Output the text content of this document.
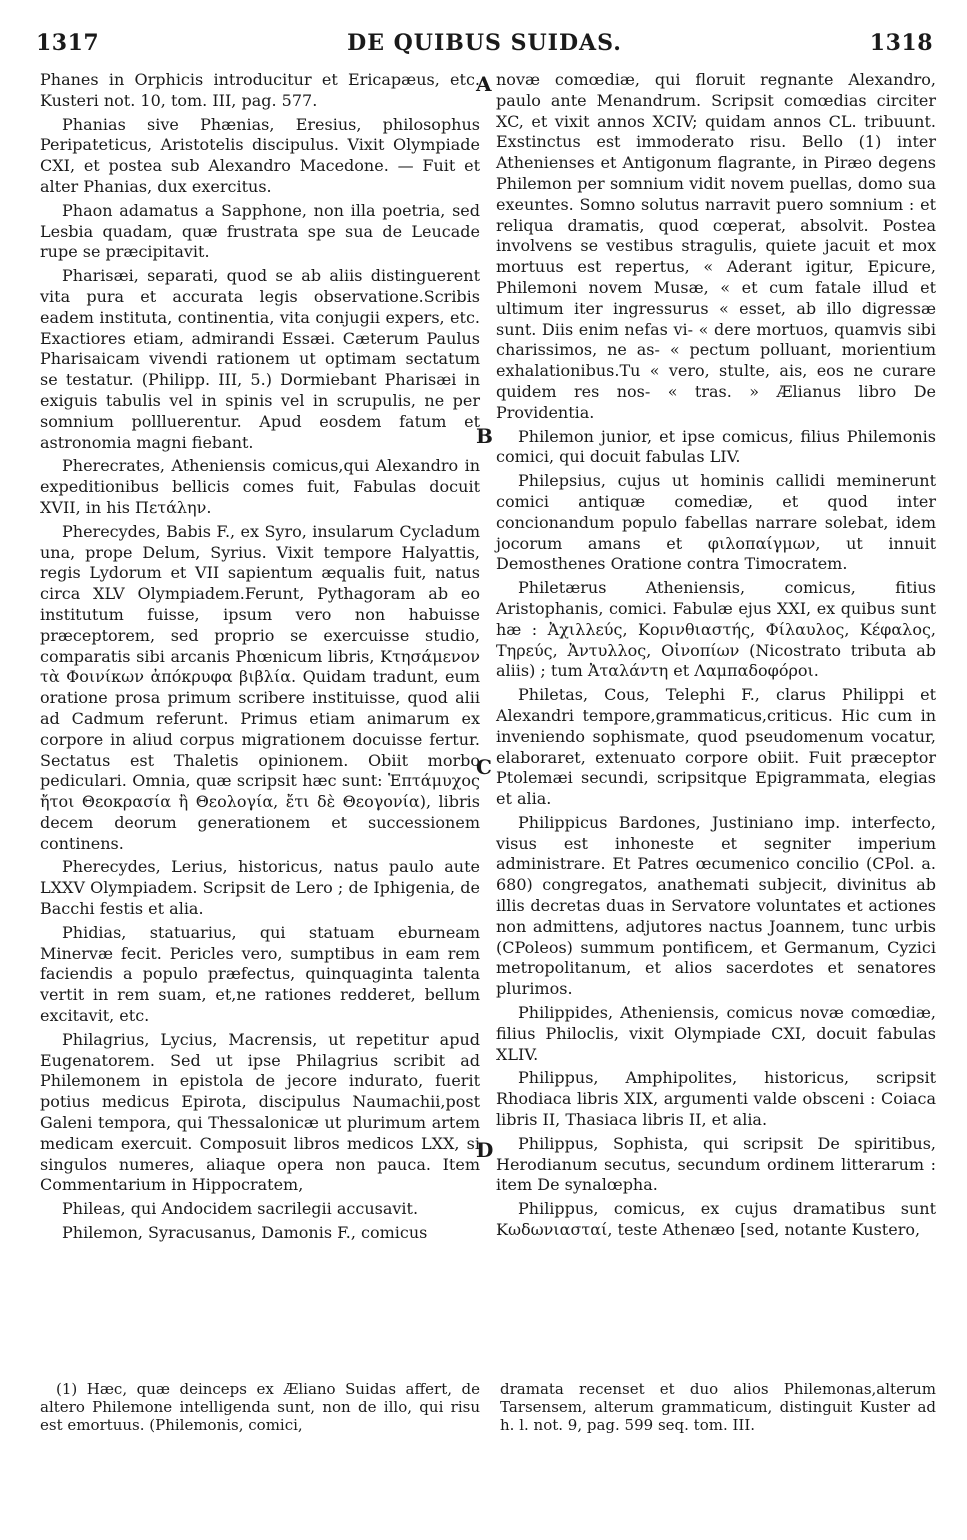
1317	DE QUIBUS SUIDAS.	1318

Phanes in Orphicis introducitur et Ericapæus, etc. Kusteri not. 10, tom. III, pag. 577.

Phanias sive Phænias, Eresius, philosophus Peripateticus, Aristotelis discipulus. Vixit Olympiade CXI, et postea sub Alexandro Macedone. — Fuit et alter Phanias, dux exercitus.

Phaon adamatus a Sapphone, non illa poetria, sed Lesbia quadam, quæ frustrata spe sua de Leucade rupe se præcipitavit.

Pharisæi, separati, quod se ab aliis distinguerent vita pura et accurata legis observatione.Scribis eadem instituta, continentia, vita conjugii expers, etc. Exactiores etiam, admirandi Essæi. Cæterum Paulus Pharisaicam vivendi rationem ut optimam sectatum se testatur. (Philipp. III, 5.) Dormiebant Pharisæi in exiguis tabulis vel in spinis vel in scrupulis, ne per somnium pollluerentur. Apud eosdem fatum et astronomia magni fiebant.

Pherecrates, Atheniensis comicus,qui Alexandro in expeditionibus bellicis comes fuit, Fabulas docuit XVII, in his Πετάλην.

Pherecydes, Babis F., ex Syro, insularum Cycladum una, prope Delum, Syrius. Vixit tempore Halyattis, regis Lydorum et VII sapientum æqualis fuit, natus circa XLV Olympiadem.Ferunt, Pythagoram ab eo institutum fuisse, ipsum vero non habuisse præceptorem, sed proprio se exercuisse studio, comparatis sibi arcanis Phœnicum libris, Κτησάμενον τὰ Φοινίκων ἀπόκρυφα βιβλία. Quidam tradunt, eum oratione prosa primum scribere instituisse, quod alii ad Cadmum referunt. Primus etiam animarum ex corpore in aliud corpus migrationem docuisse fertur. Sectatus est Thaletis opinionem. Obiit morbo pediculari. Omnia, quæ scripsit hæc sunt: Ἑπτάμυχος ἤτοι Θεοκρασία ἢ Θεολογία, ἔτι δὲ Θεογονία), libris decem deorum generationem et successionem continens.

Pherecydes, Lerius, historicus, natus paulo aute LXXV Olympiadem. Scripsit de Lero ; de Iphigenia, de Bacchi festis et alia.

Phidias, statuarius, qui statuam eburneam Minervæ fecit. Pericles vero, sumptibus in eam rem faciendis a populo præfectus, quinquaginta talenta vertit in rem suam, et,ne rationes redderet, bellum excitavit, etc.

Philagrius, Lycius, Macrensis, ut repetitur apud Eugenatorem. Sed ut ipse Philagrius scribit ad Philemonem in epistola de jecore indurato, fuerit potius medicus Epirota, discipulus Naumachii,post Galeni tempora, qui Thessalonicæ ut plurimum artem medicam exercuit. Composuit libros medicos LXX, si singulos numeres, aliaque opera non pauca. Item Commentarium in Hippocratem,

Phileas, qui Andocidem sacrilegii accusavit.

Philemon, Syracusanus, Damonis F., comicus

novæ comœdiæ, qui floruit regnante Alexandro, paulo ante Menandrum. Scripsit comœdias circiter XC, et vixit annos XCIV; quidam annos CL. tribuunt. Exstinctus est immoderato risu. Bello (1) inter Athenienses et Antigonum flagrante, in Piræo degens Philemon per somnium vidit novem puellas, domo sua exeuntes. Somno solutus narravit puero somnium : et reliqua dramatis, quod cœperat, absolvit. Postea involvens se vestibus stragulis, quiete jacuit et mox mortuus est repertus, « Aderant igitur, Epicure, Philemoni novem Musæ, « et cum fatale illud et ultimum iter ingressurus « esset, ab illo digressæ sunt. Diis enim nefas vi- « dere mortuos, quamvis sibi charissimos, ne as- « pectum polluant, morientium exhalationibus.Tu « vero, stulte, ais, eos ne curare quidem res nos- « tras. » Ælianus libro De Providentia.

Philemon junior, et ipse comicus, filius Philemonis comici, qui docuit fabulas LIV.

Philepsius, cujus ut hominis callidi meminerunt comici antiquæ comediæ, et quod inter concionandum populo fabellas narrare solebat, idem jocorum amans et φιλοπαίγμων, ut innuit Demosthenes Oratione contra Timocratem.

Philetærus Atheniensis, comicus, fitius Aristophanis, comici. Fabulæ ejus XXI, ex quibus sunt hæ : Ἀχιλλεύς, Κορινθιαστής, Φίλαυλος, Κέφαλος, Τηρεύς, Ἀντυλλος, Οἰνοπίων (Nicostrato tributa ab aliis) ; tum Ἀταλάντη et Λαμπαδοφόροι.

Philetas, Cous, Telephi F., clarus Philippi et Alexandri tempore,grammaticus,criticus. Hic cum in inveniendo sophismate, quod pseudomenum vocatur, elaboraret, extenuato corpore obiit. Fuit præceptor Ptolemæi secundi, scripsitque Epigrammata, elegias et alia.

Philippicus Bardones, Justiniano imp. interfecto, visus est inhoneste et segniter imperium administrare. Et Patres œcumenico concilio (CPol. a. 680) congregatos, anathemati subjecit, divinitus ab illis decretas duas in Servatore voluntates et actiones non admittens, adjutores nactus Joannem, tunc urbis (CPoleos) summum pontificem, et Germanum, Cyzici metropolitanum, et alios sacerdotes et senatores plurimos.

Philippides, Atheniensis, comicus novæ comœdiæ, filius Philoclis, vixit Olympiade CXI, docuit fabulas XLIV.

Philippus, Amphipolites, historicus, scripsit Rhodiaca libris XIX, argumenti valde obsceni : Coiaca libris II, Thasiaca libris II, et alia.

Philippus, Sophista, qui scripsit De spiritibus, Herodianum secutus, secundum ordinem litterarum : item De synalœpha.

Philippus, comicus, ex cujus dramatibus sunt Κωδωνιασταί, teste Athenæo [sed, notante Kustero,

A
B
C
D

(1) Hæc, quæ deinceps ex Æliano Suidas affert, de altero Philemone intelligenda sunt, non de illo, qui risu est emortuus. (Philemonis, comici,

dramata recenset et duo alios Philemonas,alterum Tarsensem, alterum grammaticum, distinguit Kuster ad h. l. not. 9, pag. 599 seq. tom. III.
